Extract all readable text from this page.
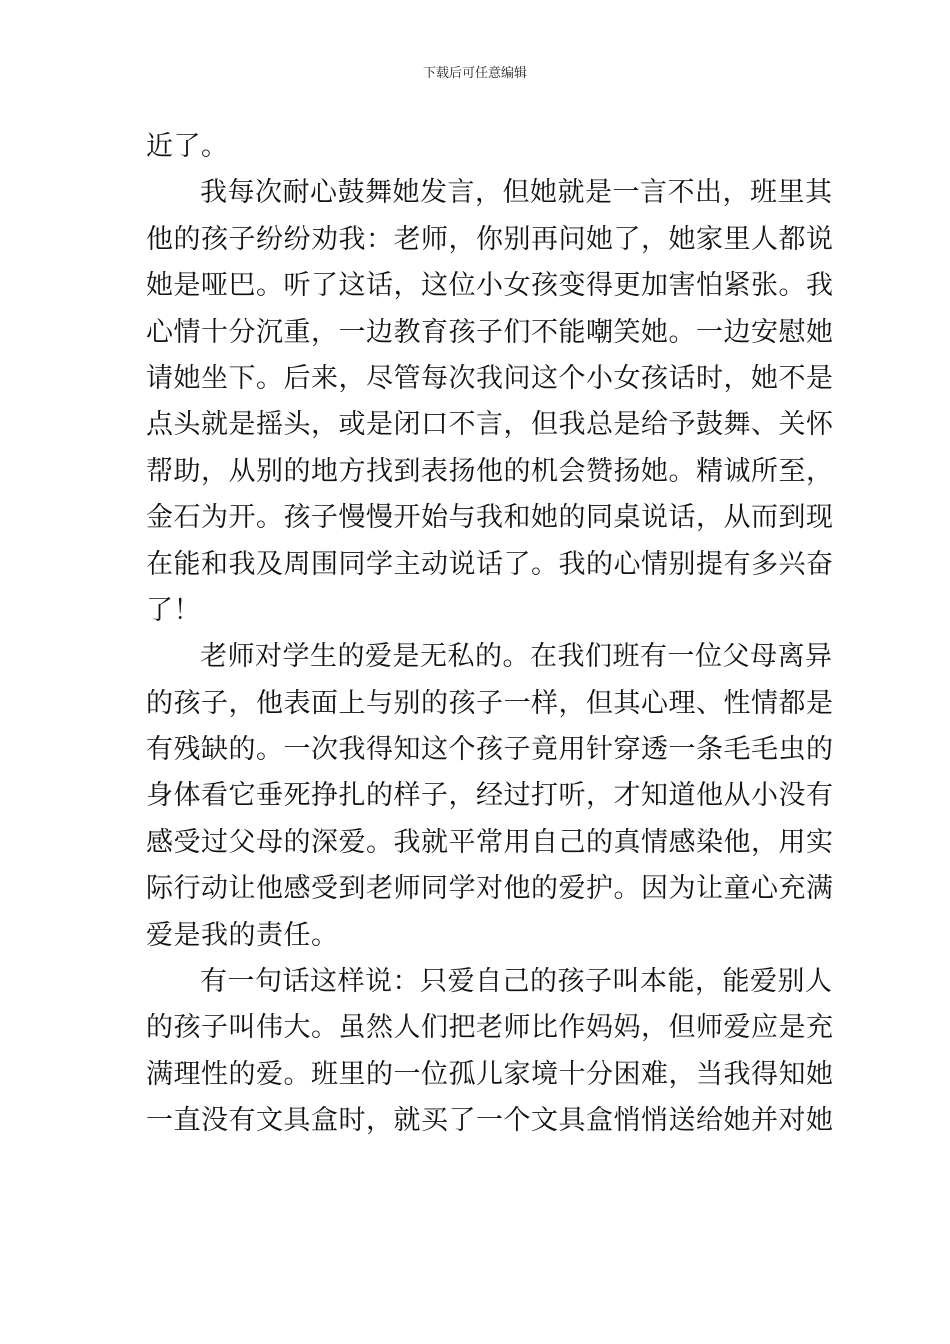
下载后可任意编辑
近了。
我每次耐心鼓舞她发言，但她就是一言不出，班里其
他的孩子纷纷劝我：老师，你别再问她了，她家里人都说
她是哑巴。听了这话，这位小女孩变得更加害怕紧张。我
心情十分沉重，一边教育孩子们不能嘲笑她。一边安慰她
请她坐下。后来，尽管每次我问这个小女孩话时，她不是
点头就是摇头，或是闭口不言，但我总是给予鼓舞、关怀
帮助，从别的地方找到表扬他的机会赞扬她。精诚所至，
金石为开。孩子慢慢开始与我和她的同桌说话，从而到现
在能和我及周围同学主动说话了。我的心情别提有多兴奋
了！
老师对学生的爱是无私的。在我们班有一位父母离异
的孩子，他表面上与别的孩子一样，但其心理、性情都是
有残缺的。一次我得知这个孩子竟用针穿透一条毛毛虫的
身体看它垂死挣扎的样子，经过打听，才知道他从小没有
感受过父母的深爱。我就平常用自己的真情感染他，用实
际行动让他感受到老师同学对他的爱护。因为让童心充满
爱是我的责任。
有一句话这样说：只爱自己的孩子叫本能，能爱别人
的孩子叫伟大。虽然人们把老师比作妈妈，但师爱应是充
满理性的爱。班里的一位孤儿家境十分困难，当我得知她
一直没有文具盒时，就买了一个文具盒悄悄送给她并对她
